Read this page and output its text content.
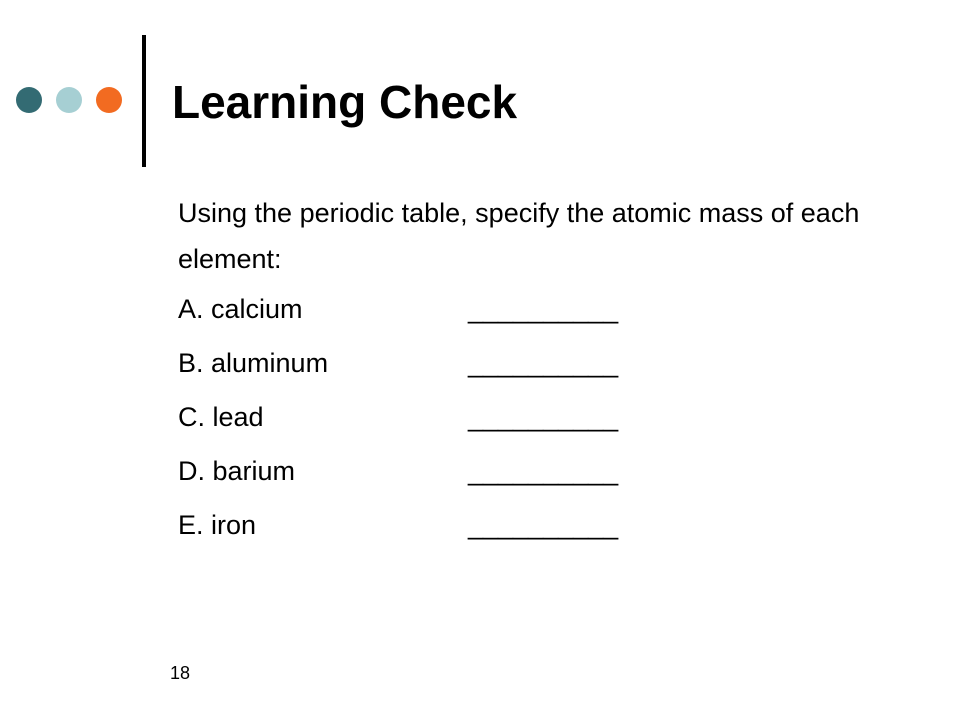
Learning Check

Using the periodic table, specify the atomic mass of each element:

A. calcium	__________
B. aluminum	__________
C. lead	__________
D. barium	__________
E. iron	__________
18
